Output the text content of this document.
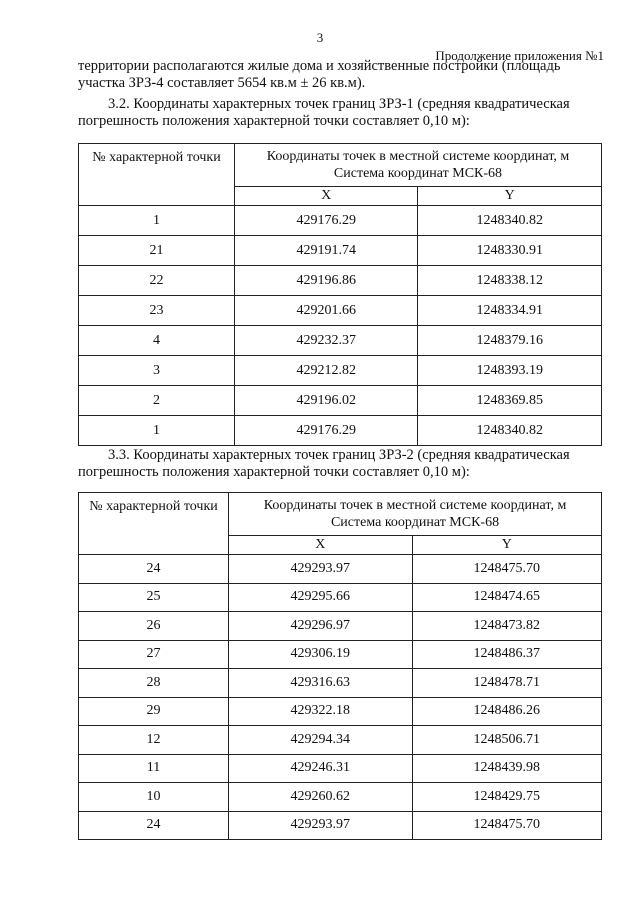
3
Продолжение приложения №1
территории располагаются жилые дома и хозяйственные постройки (площадь
участка ЗРЗ-4 составляет 5654 кв.м ± 26 кв.м).
3.2. Координаты характерных точек границ ЗРЗ-1 (средняя квадратическая
погрешность положения характерной точки составляет 0,10 м):
№ характерной точки	Координаты точек в местной системе координат, м
Система координат МСК-68	

	X	Y
1	429176.29	1248340.82
21	429191.74	1248330.91
22	429196.86	1248338.12
23	429201.66	1248334.91
4	429232.37	1248379.16
3	429212.82	1248393.19
2	429196.02	1248369.85
1	429176.29	1248340.82
3.3. Координаты характерных точек границ ЗРЗ-2 (средняя квадратическая
погрешность положения характерной точки составляет 0,10 м):
№ характерной точки	Координаты точек в местной системе координат, м
Система координат МСК-68	

	X	Y
24	429293.97	1248475.70
25	429295.66	1248474.65
26	429296.97	1248473.82
27	429306.19	1248486.37
28	429316.63	1248478.71
29	429322.18	1248486.26
12	429294.34	1248506.71
11	429246.31	1248439.98
10	429260.62	1248429.75
24	429293.97	1248475.70
